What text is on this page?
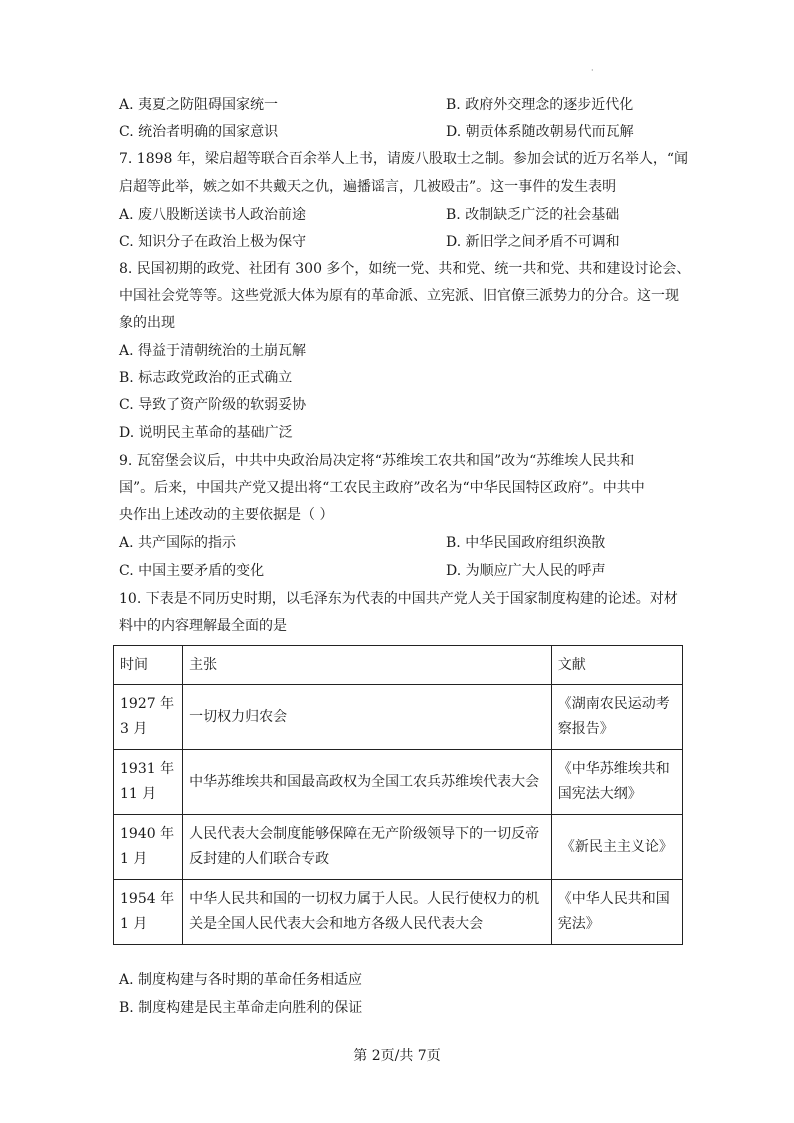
·
A. 夷夏之防阻碍国家统一	B. 政府外交理念的逐步近代化
C. 统治者明确的国家意识	D. 朝贡体系随改朝易代而瓦解
7. 1898 年，梁启超等联合百余举人上书，请废八股取士之制。参加会试的近万名举人，“闻
启超等此举，嫉之如不共戴天之仇，遍播谣言，几被殴击”。这一事件的发生表明
A. 废八股断送读书人政治前途	B. 改制缺乏广泛的社会基础
C. 知识分子在政治上极为保守	D. 新旧学之间矛盾不可调和
8. 民国初期的政党、社团有 300 多个，如统一党、共和党、统一共和党、共和建设讨论会、
中国社会党等等。这些党派大体为原有的革命派、立宪派、旧官僚三派势力的分合。这一现
象的出现
A. 得益于清朝统治的土崩瓦解
B. 标志政党政治的正式确立
C. 导致了资产阶级的软弱妥协
D. 说明民主革命的基础广泛
9. 瓦窑堡会议后，中共中央政治局决定将“苏维埃工农共和国”改为“苏维埃人民共和
国”。后来，中国共产党又提出将“工农民主政府”改名为“中华民国特区政府”。中共中
央作出上述改动的主要依据是（ ）
A. 共产国际的指示	B. 中华民国政府组织涣散
C. 中国主要矛盾的变化	D. 为顺应广大人民的呼声
10. 下表是不同历史时期，以毛泽东为代表的中国共产党人关于国家制度构建的论述。对材
料中的内容理解最全面的是
时间	主张	文献
1927 年 3 月	一切权力归农会	《湖南农民运动考察报告》
1931 年 11 月	中华苏维埃共和国最高政权为全国工农兵苏维埃代表大会	《中华苏维埃共和国宪法大纲》
1940 年 1 月	人民代表大会制度能够保障在无产阶级领导下的一切反帝反封建的人们联合专政	《新民主主义论》
1954 年 1 月	中华人民共和国的一切权力属于人民。人民行使权力的机关是全国人民代表大会和地方各级人民代表大会	《中华人民共和国宪法》
A. 制度构建与各时期的革命任务相适应
B. 制度构建是民主革命走向胜利的保证
第 2页/共 7页
